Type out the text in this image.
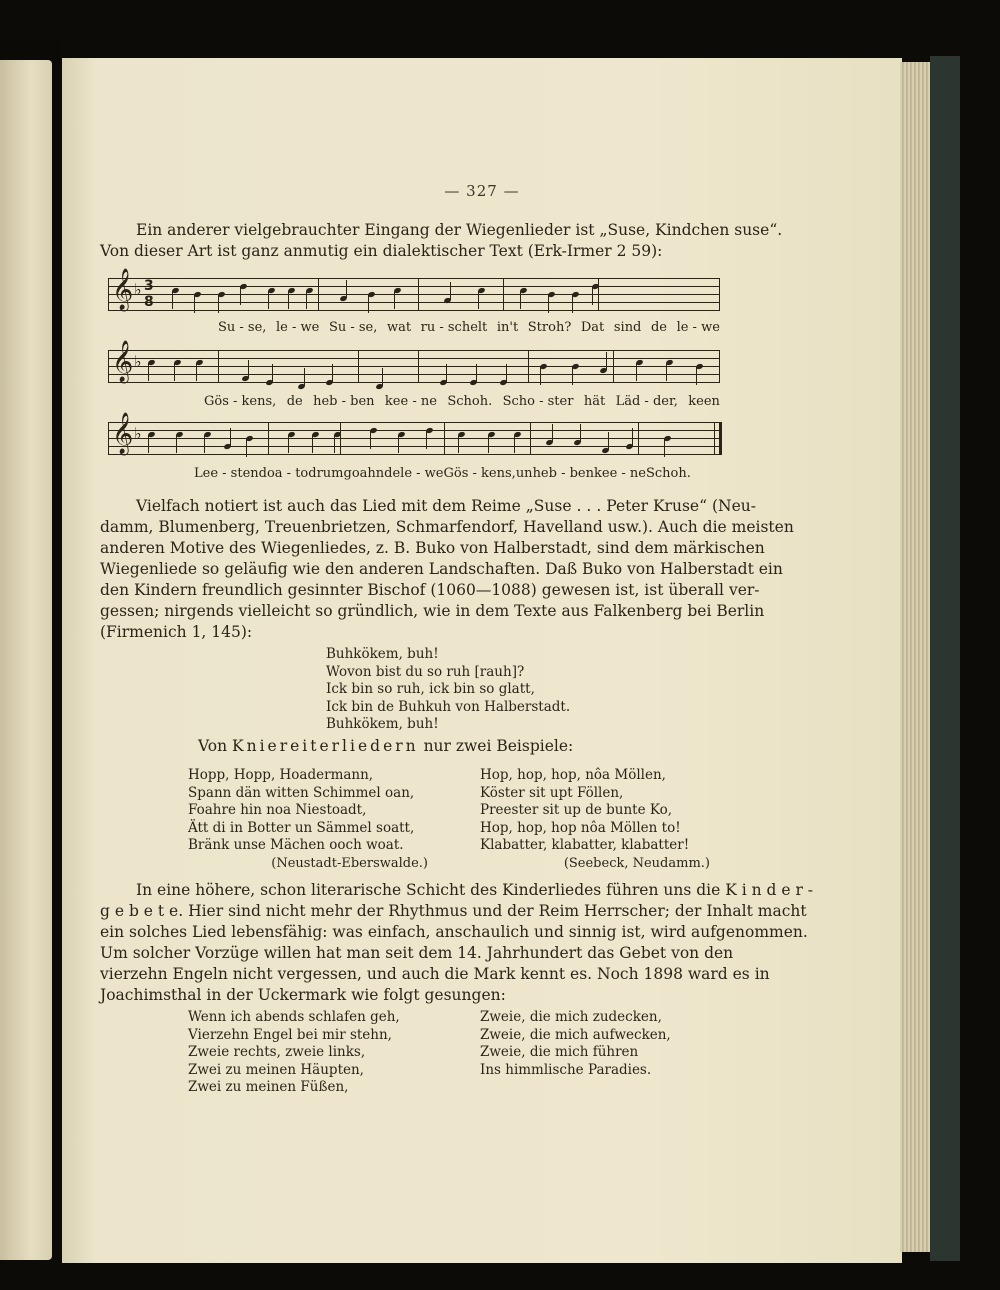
— 327 —
Ein anderer vielgebrauchter Eingang der Wiegenlieder ist „Suse, Kindchen suse“.
Von dieser Art ist ganz anmutig ein dialektischer Text (Erk-Irmer 2 59):
𝄞 ♭ 3
8
Su - se, le - we Su - se, wat ru - schelt in't Stroh? Dat sind de le - we
𝄞 ♭
Gös - kens, de heb - ben kee - ne Schoh. Scho - ster hät Läd - der, keen
𝄞 ♭
Lee - sten doa - to drum goahn de le - we Gös - kens, un heb - ben kee - ne Schoh.
Vielfach notiert ist auch das Lied mit dem Reime „Suse . . . Peter Kruse“ (Neu-
damm, Blumenberg, Treuenbrietzen, Schmarfendorf, Havelland usw.). Auch die meisten
anderen Motive des Wiegenliedes, z. B. Buko von Halberstadt, sind dem märkischen
Wiegenliede so geläufig wie den anderen Landschaften. Daß Buko von Halberstadt ein
den Kindern freundlich gesinnter Bischof (1060—1088) gewesen ist, ist überall ver-
gessen; nirgends vielleicht so gründlich, wie in dem Texte aus Falkenberg bei Berlin
(Firmenich 1, 145):
Buhkökem, buh!
Wovon bist du so ruh [rauh]?
Ick bin so ruh, ick bin so glatt,
Ick bin de Buhkuh von Halberstadt.
Buhkökem, buh!
Von Kniereiterliedern nur zwei Beispiele:
Hopp, Hopp, Hoadermann,
Spann dän witten Schimmel oan,
Foahre hin noa Niestoadt,
Ätt di in Botter un Sämmel soatt,
Bränk unse Mächen ooch woat.
(Neustadt-Eberswalde.)
Hop, hop, hop, nôa Möllen,
Köster sit upt Föllen,
Preester sit up de bunte Ko,
Hop, hop, hop nôa Möllen to!
Klabatter, klabatter, klabatter!
(Seebeck, Neudamm.)
In eine höhere, schon literarische Schicht des Kinderliedes führen uns die K i n d e r -
g e b e t e. Hier sind nicht mehr der Rhythmus und der Reim Herrscher; der Inhalt macht
ein solches Lied lebensfähig: was einfach, anschaulich und sinnig ist, wird aufgenommen.
Um solcher Vorzüge willen hat man seit dem 14. Jahrhundert das Gebet von den
vierzehn Engeln nicht vergessen, und auch die Mark kennt es. Noch 1898 ward es in
Joachimsthal in der Uckermark wie folgt gesungen:
Wenn ich abends schlafen geh,
Vierzehn Engel bei mir stehn,
Zweie rechts, zweie links,
Zwei zu meinen Häupten,
Zwei zu meinen Füßen,
Zweie, die mich zudecken,
Zweie, die mich aufwecken,
Zweie, die mich führen
Ins himmlische Paradies.
